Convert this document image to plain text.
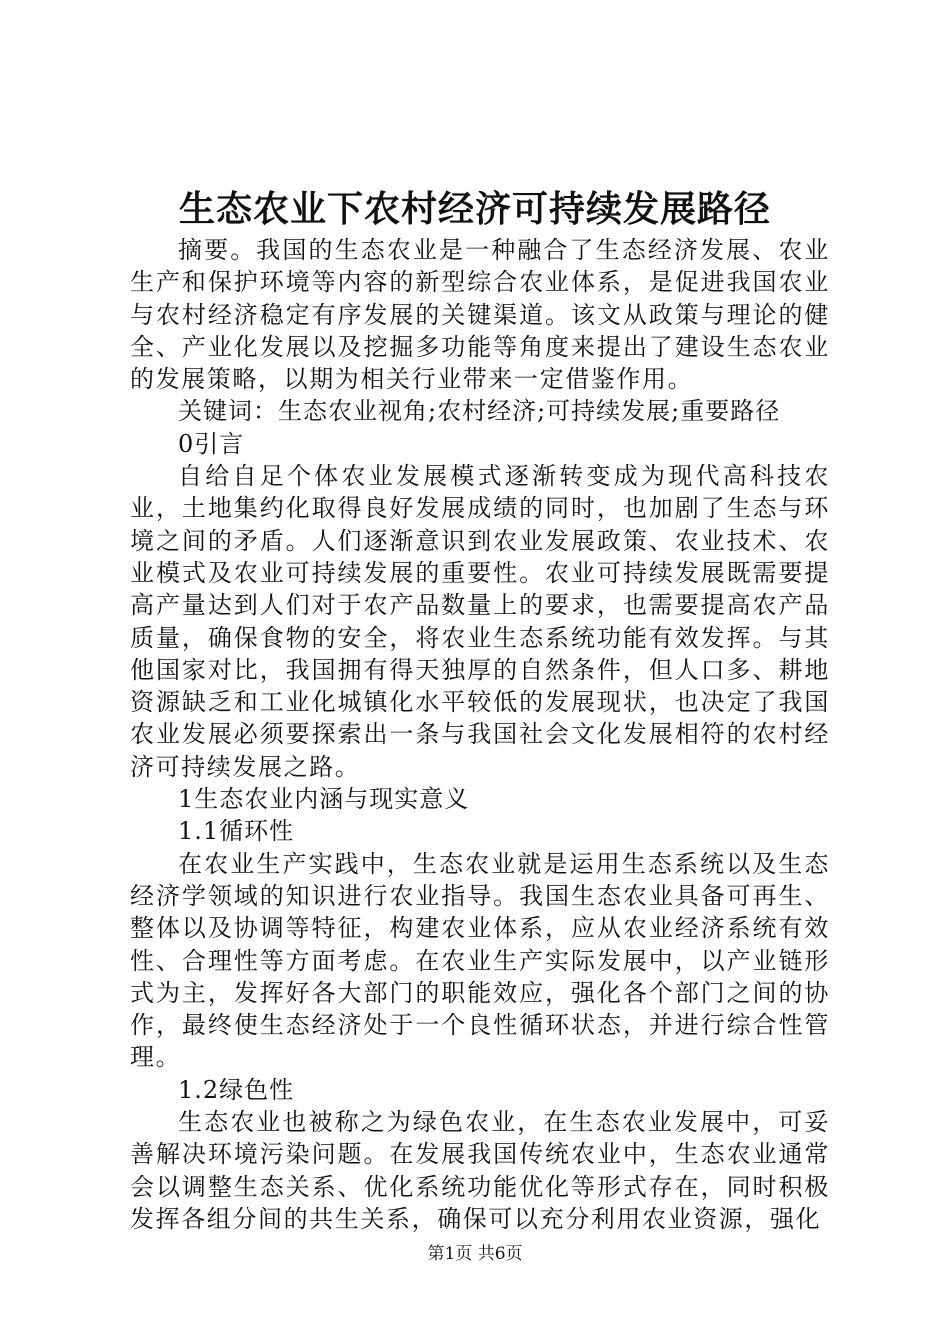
生态农业下农村经济可持续发展路径

摘要。我国的生态农业是一种融合了生态经济发展、农业生产和保护环境等内容的新型综合农业体系，是促进我国农业与农村经济稳定有序发展的关键渠道。该文从政策与理论的健全、产业化发展以及挖掘多功能等角度来提出了建设生态农业的发展策略，以期为相关行业带来一定借鉴作用。

关键词：生态农业视角;农村经济;可持续发展;重要路径

0引言

自给自足个体农业发展模式逐渐转变成为现代高科技农业，土地集约化取得良好发展成绩的同时，也加剧了生态与环境之间的矛盾。人们逐渐意识到农业发展政策、农业技术、农业模式及农业可持续发展的重要性。农业可持续发展既需要提高产量达到人们对于农产品数量上的要求，也需要提高农产品质量，确保食物的安全，将农业生态系统功能有效发挥。与其他国家对比，我国拥有得天独厚的自然条件，但人口多、耕地资源缺乏和工业化城镇化水平较低的发展现状，也决定了我国农业发展必须要探索出一条与我国社会文化发展相符的农村经济可持续发展之路。

1生态农业内涵与现实意义

1.1循环性

在农业生产实践中，生态农业就是运用生态系统以及生态经济学领域的知识进行农业指导。我国生态农业具备可再生、整体以及协调等特征，构建农业体系，应从农业经济系统有效性、合理性等方面考虑。在农业生产实际发展中，以产业链形式为主，发挥好各大部门的职能效应，强化各个部门之间的协作，最终使生态经济处于一个良性循环状态，并进行综合性管理。

1.2绿色性

生态农业也被称之为绿色农业，在生态农业发展中，可妥善解决环境污染问题。在发展我国传统农业中，生态农业通常会以调整生态关系、优化系统功能优化等形式存在，同时积极发挥各组分间的共生关系，确保可以充分利用农业资源，强化

第1页 共6页
